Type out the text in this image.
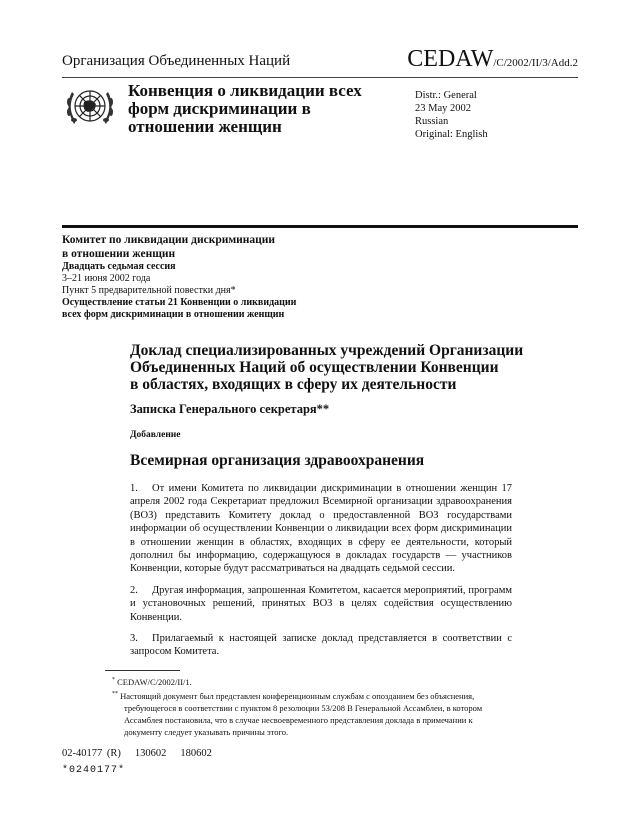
Организация Объединенных Наций	CEDAW/C/2002/II/3/Add.2
Конвенция о ликвидации всех
форм дискриминации в
отношении женщин
Distr.: General
23 May 2002
Russian
Original: English
Комитет по ликвидации дискриминации
в отношении женщин
Двадцать седьмая сессия
3–21 июня 2002 года
Пункт 5 предварительной повестки дня*
Осуществление статьи 21 Конвенции о ликвидации
всех форм дискриминации в отношении женщин
Доклад специализированных учреждений Организации
Объединенных Наций об осуществлении Конвенции
в областях, входящих в сферу их деятельности
Записка Генерального секретаря**
Добавление
Всемирная организация здравоохранения

1. От имени Комитета по ликвидации дискриминации в отношении женщин 17 апреля 2002 года Секретариат предложил Всемирной организации здравоохранения (ВОЗ) представить Комитету доклад о предоставленной ВОЗ государствами информации об осуществлении Конвенции о ликвидации всех форм дискриминации в отношении женщин в областях, входящих в сферу ее деятельности, который дополнил бы информацию, содержащуюся в докладах государств — участников Конвенции, которые будут рассматриваться на двадцать седьмой сессии.

2. Другая информация, запрошенная Комитетом, касается мероприятий, программ и установочных решений, принятых ВОЗ в целях содействия осуществлению Конвенции.

3. Прилагаемый к настоящей записке доклад представляется в соответствии с запросом Комитета.

* CEDAW/C/2002/II/1.
** Настоящий документ был представлен конференционным службам с опозданием без объяснения, требующегося в соответствии с пунктом 8 резолюции 53/208 B Генеральной Ассамблеи, в котором Ассамблея постановила, что в случае несвоевременного представления доклада в примечании к документу следует указывать причины этого.
02-40177 (R) 130602 180602
*0240177*
